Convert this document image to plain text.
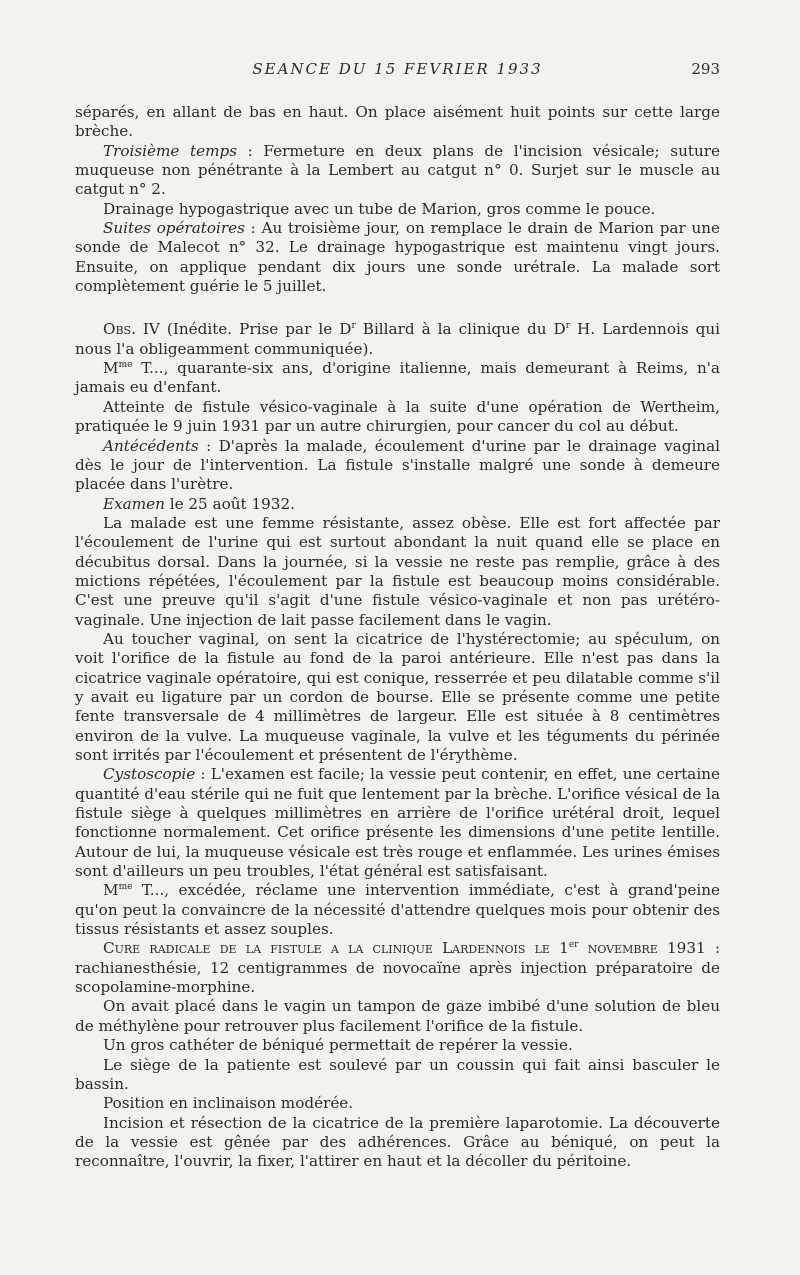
SEANCE DU 15 FEVRIER 1933	293

séparés, en allant de bas en haut. On place aisément huit points sur cette large brèche.

Troisième temps : Fermeture en deux plans de l'incision vésicale; suture muqueuse non pénétrante à la Lembert au catgut n° 0. Surjet sur le muscle au catgut n° 2.

Drainage hypogastrique avec un tube de Marion, gros comme le pouce.

Suites opératoires : Au troisième jour, on remplace le drain de Marion par une sonde de Malecot n° 32. Le drainage hypogastrique est maintenu vingt jours. Ensuite, on applique pendant dix jours une sonde urétrale. La malade sort complètement guérie le 5 juillet.

Obs. IV (Inédite. Prise par le $D^r$ Billard à la clinique du $D^r$ H. Lardennois qui nous l'a obligeamment communiquée).

$M^{me}$ T..., quarante-six ans, d'origine italienne, mais demeurant à Reims, n'a jamais eu d'enfant.

Atteinte de fistule vésico-vaginale à la suite d'une opération de Wertheim, pratiquée le 9 juin 1931 par un autre chirurgien, pour cancer du col au début.

Antécédents : D'après la malade, écoulement d'urine par le drainage vaginal dès le jour de l'intervention. La fistule s'installe malgré une sonde à demeure placée dans l'urètre.

Examen le 25 août 1932.

La malade est une femme résistante, assez obèse. Elle est fort affectée par l'écoulement de l'urine qui est surtout abondant la nuit quand elle se place en décubitus dorsal. Dans la journée, si la vessie ne reste pas remplie, grâce à des mictions répétées, l'écoulement par la fistule est beaucoup moins considérable. C'est une preuve qu'il s'agit d'une fistule vésico-vaginale et non pas urétéro-vaginale. Une injection de lait passe facilement dans le vagin.

Au toucher vaginal, on sent la cicatrice de l'hystérectomie; au spéculum, on voit l'orifice de la fistule au fond de la paroi antérieure. Elle n'est pas dans la cicatrice vaginale opératoire, qui est conique, resserrée et peu dilatable comme s'il y avait eu ligature par un cordon de bourse. Elle se présente comme une petite fente transversale de 4 millimètres de largeur. Elle est située à 8 centimètres environ de la vulve. La muqueuse vaginale, la vulve et les téguments du périnée sont irrités par l'écoulement et présentent de l'érythème.

Cystoscopie : L'examen est facile; la vessie peut contenir, en effet, une certaine quantité d'eau stérile qui ne fuit que lentement par la brèche. L'orifice vésical de la fistule siège à quelques millimètres en arrière de l'orifice urétéral droit, lequel fonctionne normalement. Cet orifice présente les dimensions d'une petite lentille. Autour de lui, la muqueuse vésicale est très rouge et enflammée. Les urines émises sont d'ailleurs un peu troubles, l'état général est satisfaisant.

$M^{me}$ T..., excédée, réclame une intervention immédiate, c'est à grand'peine qu'on peut la convaincre de la nécessité d'attendre quelques mois pour obtenir des tissus résistants et assez souples.

Cure radicale de la fistule a la clinique Lardennois le 1er novembre 1931 : rachianesthésie, 12 centigrammes de novocaïne après injection préparatoire de scopolamine-morphine.

On avait placé dans le vagin un tampon de gaze imbibé d'une solution de bleu de méthylène pour retrouver plus facilement l'orifice de la fistule.

Un gros cathéter de béniqué permettait de repérer la vessie.

Le siège de la patiente est soulevé par un coussin qui fait ainsi basculer le bassin.

Position en inclinaison modérée.

Incision et résection de la cicatrice de la première laparotomie. La découverte de la vessie est gênée par des adhérences. Grâce au béniqué, on peut la reconnaître, l'ouvrir, la fixer, l'attirer en haut et la décoller du péritoine.
